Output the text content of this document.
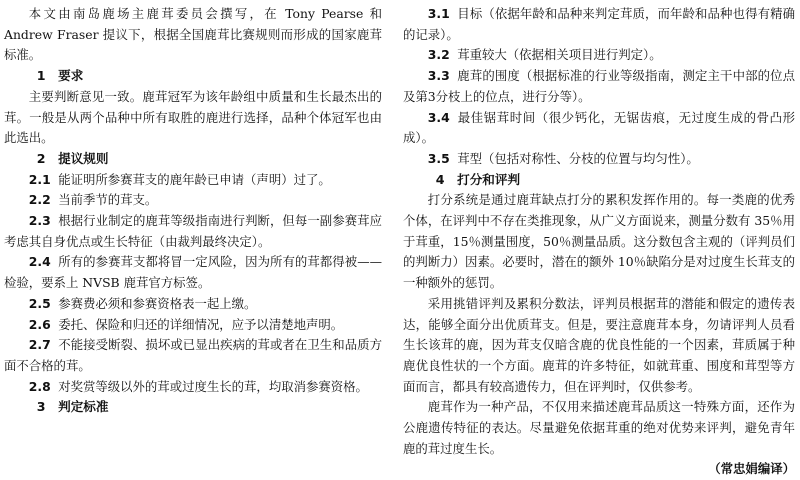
本文由南岛鹿场主鹿茸委员会撰写，在 Tony Pearse 和 Andrew Fraser 提议下，根据全国鹿茸比赛规则而形成的国家鹿茸标准。

1　要求

主要判断意见一致。鹿茸冠军为该年龄组中质量和生长最杰出的茸。一般是从两个品种中所有取胜的鹿进行选择，品种个体冠军也由此选出。

2　提议规则

2.1 能证明所参赛茸支的鹿年龄已申请（声明）过了。

2.2 当前季节的茸支。

2.3 根据行业制定的鹿茸等级指南进行判断，但每一副参赛茸应考虑其自身优点或生长特征（由裁判最终决定）。

2.4 所有的参赛茸支都将冒一定风险，因为所有的茸都得被——检验，要系上 NVSB 鹿茸官方标签。

2.5 参赛费必须和参赛资格表一起上缴。

2.6 委托、保险和归还的详细情况，应予以清楚地声明。

2.7 不能接受断裂、损坏或已显出疾病的茸或者在卫生和品质方面不合格的茸。

2.8 对奖赏等级以外的茸或过度生长的茸，均取消参赛资格。

3　判定标准

3.1 目标（依据年龄和品种来判定茸质，而年龄和品种也得有精确的记录）。

3.2 茸重较大（依据相关项目进行判定）。

3.3 鹿茸的围度（根据标准的行业等级指南，测定主干中部的位点及第3分枝上的位点，进行分等）。

3.4 最佳锯茸时间（很少钙化，无锯齿痕，无过度生成的骨凸形成）。

3.5 茸型（包括对称性、分枝的位置与均匀性）。

4　打分和评判

打分系统是通过鹿茸缺点打分的累积发挥作用的。每一类鹿的优秀个体，在评判中不存在类推现象，从广义方面说来，测量分数有 35％用于茸重，15％测量围度，50％测量品质。这分数包含主观的（评判员们的判断力）因素。必要时，潜在的额外 10％缺陷分是对过度生长茸支的一种额外的惩罚。

采用挑错评判及累积分数法，评判员根据茸的潜能和假定的遗传表达，能够全面分出优质茸支。但是，要注意鹿茸本身，勿请评判人员看生长该茸的鹿，因为茸支仅暗含鹿的优良性能的一个因素，茸质属于种鹿优良性状的一个方面。鹿茸的许多特征，如就茸重、围度和茸型等方面而言，都具有较高遗传力，但在评判时，仅供参考。

鹿茸作为一种产品，不仅用来描述鹿茸品质这一特殊方面，还作为公鹿遗传特征的表达。尽量避免依据茸重的绝对优势来评判，避免青年鹿的茸过度生长。

（常忠娟编译）
